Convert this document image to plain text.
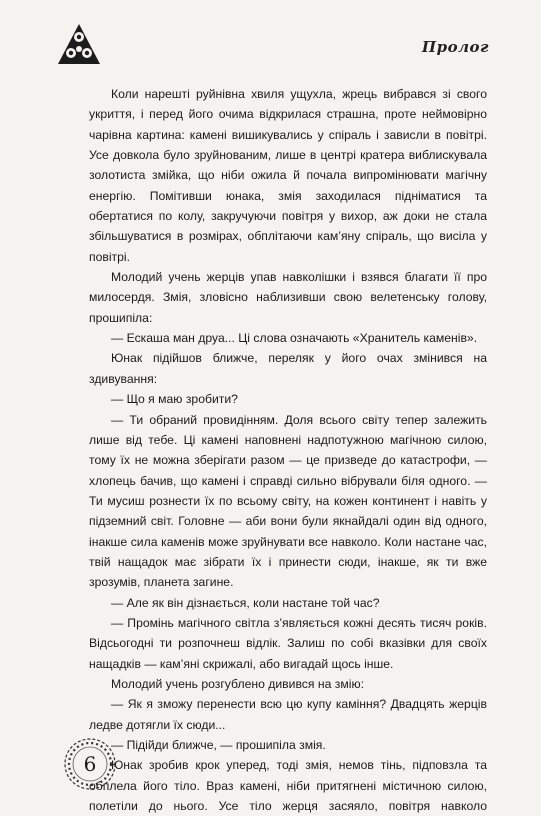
Пролог

Коли нарешті руйнівна хвиля ущухла, жрець вибрався зі свого укриття, і перед його очима відкрилася страшна, проте неймовірно чарівна картина: камені вишикувались у спіраль і зависли в повітрі. Усе довкола було зруйнованим, лише в центрі кратера виблискувала золотиста змійка, що ніби ожила й почала випромінювати магічну енергію. Помітивши юнака, змія заходилася підніматися та обертатися по колу, закручуючи повітря у вихор, аж доки не стала збільшуватися в розмірах, обплітаючи кам’яну спіраль, що висіла у повітрі.

Молодий учень жерців упав навколішки і взявся благати її про милосердя. Змія, зловісно наблизивши свою велетенську голову, прошипіла:

— Ескаша ман друа... Ці слова означають «Хранитель каменів».

Юнак підійшов ближче, переляк у його очах змінився на здивування:

— Що я маю зробити?

— Ти обраний провидінням. Доля всього світу тепер залежить лише від тебе. Ці камені наповнені надпотужною магічною силою, тому їх не можна зберігати разом — це призведе до катастрофи, — хлопець бачив, що камені і справді сильно вібрували біля одного. — Ти мусиш рознести їх по всьому світу, на кожен континент і навіть у підземний світ. Головне — аби вони були якнайдалі один від одного, інакше сила каменів може зруйнувати все навколо. Коли настане час, твій нащадок має зібрати їх і принести сюди, інакше, як ти вже зрозумів, планета загине.

— Але як він дізнається, коли настане той час?

— Промінь магічного світла з’являється кожні десять тисяч років. Відсьогодні ти розпочнеш відлік. Залиш по собі вказівки для своїх нащадків — кам’яні скрижалі, або вигадай щось інше.

Молодий учень розгублено дивився на змію:

— Як я зможу перенести всю цю купу каміння? Двадцять жерців ледве дотягли їх сюди...

— Підійди ближче, — прошипіла змія.

Юнак зробив крок уперед, тоді змія, немов тінь, підповзла та обплела його тіло. Враз камені, ніби притягнені містичною силою, полетіли до нього. Усе тіло жерця засяяло, повітря навколо

6
